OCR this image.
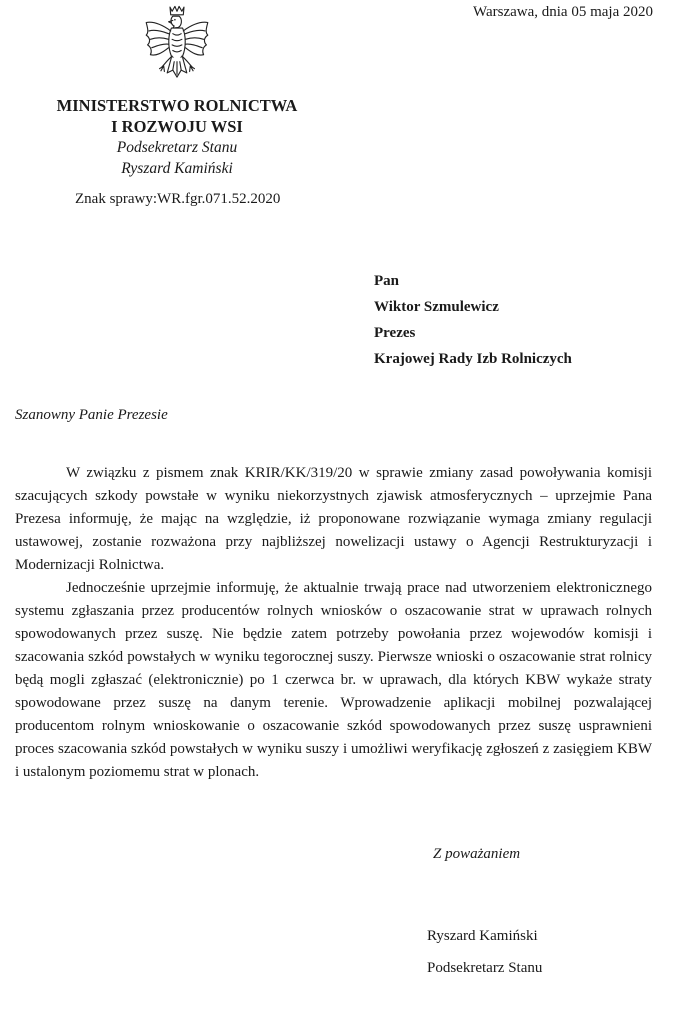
Warszawa, dnia 05 maja 2020
MINISTERSTWO ROLNICTWA
I ROZWOJU WSI
Podsekretarz Stanu
Ryszard Kamiński
Znak sprawy:WR.fgr.071.52.2020
Pan
Wiktor Szmulewicz
Prezes
Krajowej Rady Izb Rolniczych
Szanowny Panie Prezesie

W związku z pismem znak KRIR/KK/319/20 w sprawie zmiany zasad powoływania komisji szacujących szkody powstałe w wyniku niekorzystnych zjawisk atmosferycznych – uprzejmie Pana Prezesa informuję, że mając na względzie, iż proponowane rozwiązanie wymaga zmiany regulacji ustawowej, zostanie rozważona przy najbliższej nowelizacji ustawy o Agencji Restrukturyzacji i Modernizacji Rolnictwa.

Jednocześnie uprzejmie informuję, że aktualnie trwają prace nad utworzeniem elektronicznego systemu zgłaszania przez producentów rolnych wniosków o oszacowanie strat w uprawach rolnych spowodowanych przez suszę. Nie będzie zatem potrzeby powołania przez wojewodów komisji i szacowania szkód powstałych w wyniku tegorocznej suszy. Pierwsze wnioski o oszacowanie strat rolnicy będą mogli zgłaszać (elektronicznie) po 1 czerwca br. w uprawach, dla których KBW wykaże straty spowodowane przez suszę na danym terenie. Wprowadzenie aplikacji mobilnej pozwalającej producentom rolnym wnioskowanie o oszacowanie szkód spowodowanych przez suszę usprawnieni proces szacowania szkód powstałych w wyniku suszy i umożliwi weryfikację zgłoszeń z zasięgiem KBW i ustalonym poziomemu strat w plonach.

Z poważaniem
Ryszard Kamiński
Podsekretarz Stanu
